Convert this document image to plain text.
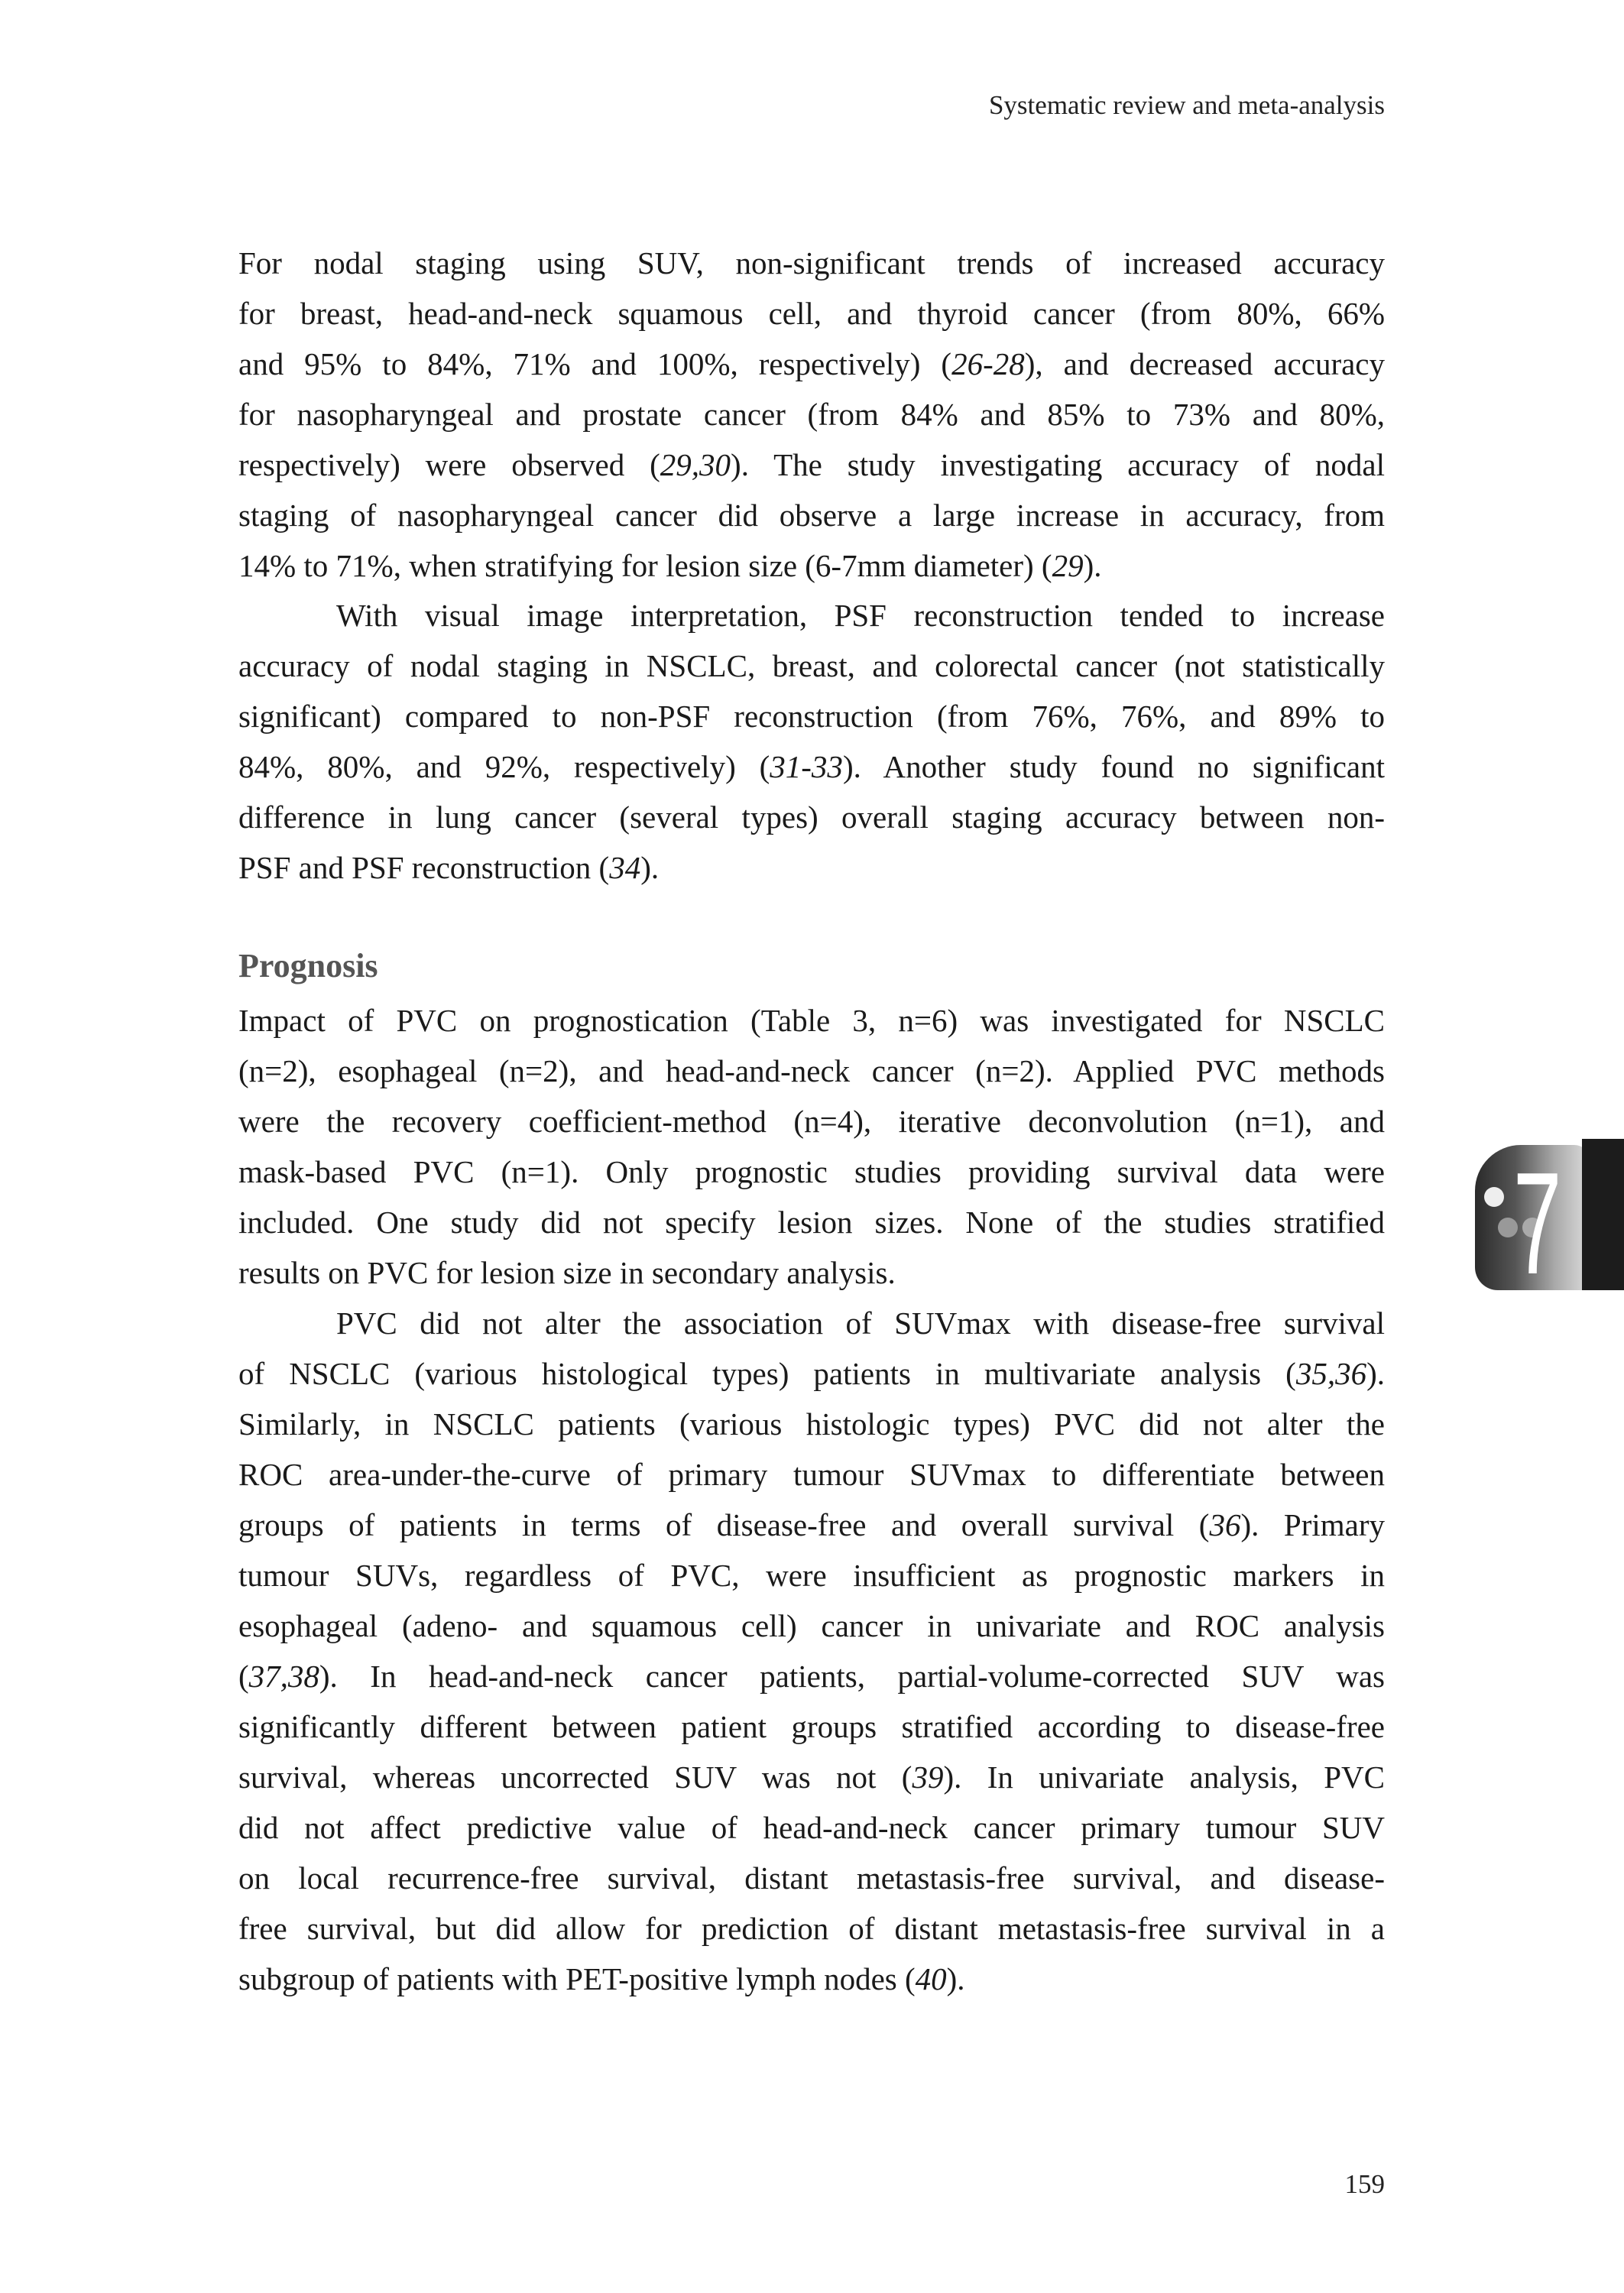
Systematic review and meta-analysis
For nodal staging using SUV, non-significant trends of increased accuracy
for breast, head-and-neck squamous cell, and thyroid cancer (from 80%, 66%
and 95% to 84%, 71% and 100%, respectively) (26-28), and decreased accuracy
for nasopharyngeal and prostate cancer (from 84% and 85% to 73% and 80%,
respectively) were observed (29,30). The study investigating accuracy of nodal
staging of nasopharyngeal cancer did observe a large increase in accuracy, from
14% to 71%, when stratifying for lesion size (6-7mm diameter) (29).
With visual image interpretation, PSF reconstruction tended to increase
accuracy of nodal staging in NSCLC, breast, and colorectal cancer (not statistically
significant) compared to non-PSF reconstruction (from 76%, 76%, and 89% to
84%, 80%, and 92%, respectively) (31-33). Another study found no significant
difference in lung cancer (several types) overall staging accuracy between non-
PSF and PSF reconstruction (34).
Prognosis
Impact of PVC on prognostication (Table 3, n=6) was investigated for NSCLC
(n=2), esophageal (n=2), and head-and-neck cancer (n=2). Applied PVC methods
were the recovery coefficient-method (n=4), iterative deconvolution (n=1), and
mask-based PVC (n=1). Only prognostic studies providing survival data were
included. One study did not specify lesion sizes. None of the studies stratified
results on PVC for lesion size in secondary analysis.
PVC did not alter the association of SUVmax with disease-free survival
of NSCLC (various histological types) patients in multivariate analysis (35,36).
Similarly, in NSCLC patients (various histologic types) PVC did not alter the
ROC area-under-the-curve of primary tumour SUVmax to differentiate between
groups of patients in terms of disease-free and overall survival (36). Primary
tumour SUVs, regardless of PVC, were insufficient as prognostic markers in
esophageal (adeno- and squamous cell) cancer in univariate and ROC analysis
(37,38). In head-and-neck cancer patients, partial-volume-corrected SUV was
significantly different between patient groups stratified according to disease-free
survival, whereas uncorrected SUV was not (39). In univariate analysis, PVC
did not affect predictive value of head-and-neck cancer primary tumour SUV
on local recurrence-free survival, distant metastasis-free survival, and disease-
free survival, but did allow for prediction of distant metastasis-free survival in a
subgroup of patients with PET-positive lymph nodes (40).
7
159
